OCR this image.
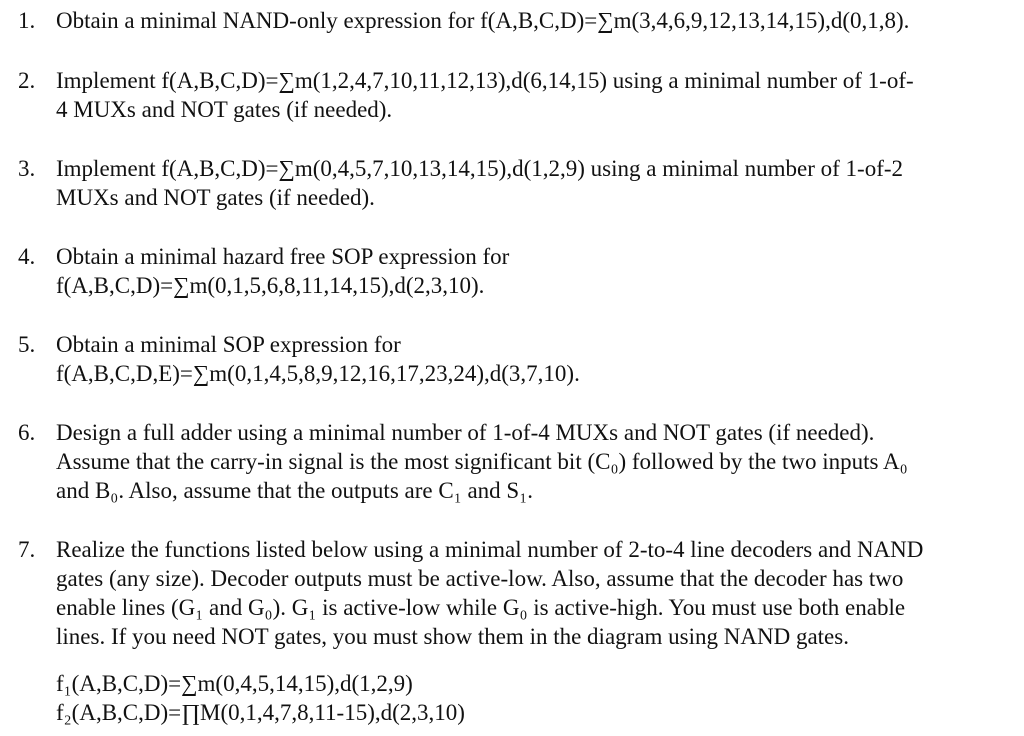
1. Obtain a minimal NAND-only expression for f(A,B,C,D)=∑m(3,4,6,9,12,13,14,15),d(0,1,8).
2. Implement f(A,B,C,D)=∑m(1,2,4,7,10,11,12,13),d(6,14,15) using a minimal number of 1-of-
4 MUXs and NOT gates (if needed).
3. Implement f(A,B,C,D)=∑m(0,4,5,7,10,13,14,15),d(1,2,9) using a minimal number of 1-of-2
MUXs and NOT gates (if needed).
4. Obtain a minimal hazard free SOP expression for
f(A,B,C,D)=∑m(0,1,5,6,8,11,14,15),d(2,3,10).
5. Obtain a minimal SOP expression for
f(A,B,C,D,E)=∑m(0,1,4,5,8,9,12,16,17,23,24),d(3,7,10).
6. Design a full adder using a minimal number of 1-of-4 MUXs and NOT gates (if needed).
Assume that the carry-in signal is the most significant bit (C₀) followed by the two inputs A₀
and B₀. Also, assume that the outputs are C₁ and S₁.
7. Realize the functions listed below using a minimal number of 2-to-4 line decoders and NAND
gates (any size). Decoder outputs must be active-low. Also, assume that the decoder has two
enable lines (G₁ and G₀). G₁ is active-low while G₀ is active-high. You must use both enable
lines. If you need NOT gates, you must show them in the diagram using NAND gates.
f₁(A,B,C,D)=∑m(0,4,5,14,15),d(1,2,9)
f₂(A,B,C,D)=∏M(0,1,4,7,8,11-15),d(2,3,10)
